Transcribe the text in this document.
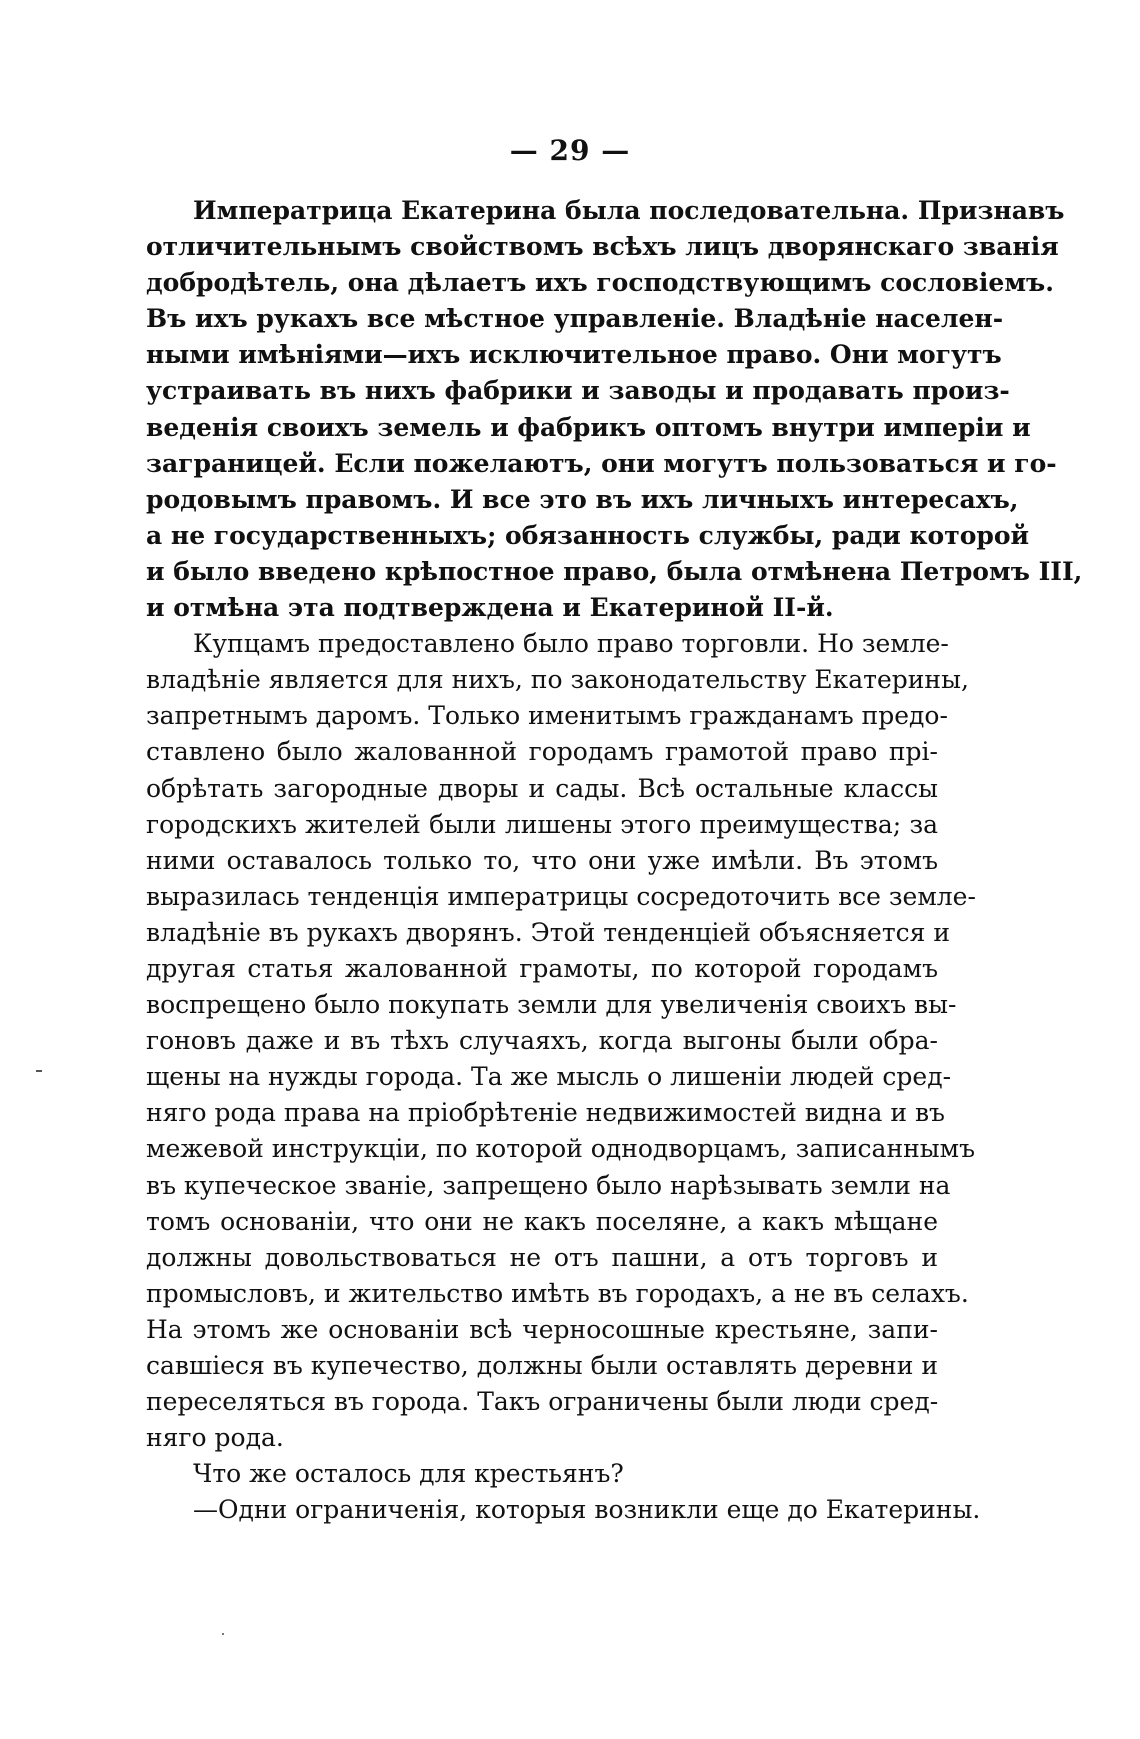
— 29 —
Императрица Екатерина была последовательна. Признавъ
отличительнымъ свойствомъ всѣхъ лицъ дворянскаго званія
добродѣтель, она дѣлаетъ ихъ господствующимъ сословіемъ.
Въ ихъ рукахъ все мѣстное управленіе. Владѣніе населен-
ными имѣніями—ихъ исключительное право. Они могутъ
устраивать въ нихъ фабрики и заводы и продавать произ-
веденія своихъ земель и фабрикъ оптомъ внутри имперіи и
заграницей. Если пожелаютъ, они могутъ пользоваться и го-
родовымъ правомъ. И все это въ ихъ личныхъ интересахъ,
а не государственныхъ; обязанность службы, ради которой
и было введено крѣпостное право, была отмѣнена Петромъ III,
и отмѣна эта подтверждена и Екатериной II-й.
Купцамъ предоставлено было право торговли. Но земле-
владѣніе является для нихъ, по законодательству Екатерины,
запретнымъ даромъ. Только именитымъ гражданамъ предо-
ставлено было жалованной городамъ грамотой право прі-
обрѣтать загородные дворы и сады. Всѣ остальные классы
городскихъ жителей были лишены этого преимущества; за
ними оставалось только то, что они уже имѣли. Въ этомъ
выразилась тенденція императрицы сосредоточить все земле-
владѣніе въ рукахъ дворянъ. Этой тенденціей объясняется и
другая статья жалованной грамоты, по которой городамъ
воспрещено было покупать земли для увеличенія своихъ вы-
гоновъ даже и въ тѣхъ случаяхъ, когда выгоны были обра-
щены на нужды города. Та же мысль о лишеніи людей сред-
няго рода права на пріобрѣтеніе недвижимостей видна и въ
межевой инструкціи, по которой однодворцамъ, записаннымъ
въ купеческое званіе, запрещено было нарѣзывать земли на
томъ основаніи, что они не какъ поселяне, а какъ мѣщане
должны довольствоваться не отъ пашни, а отъ торговъ и
промысловъ, и жительство имѣть въ городахъ, а не въ селахъ.
На этомъ же основаніи всѣ черносошные крестьяне, запи-
савшіеся въ купечество, должны были оставлять деревни и
переселяться въ города. Такъ ограничены были люди сред-
няго рода.
Что же осталось для крестьянъ?
—Одни ограниченія, которыя возникли еще до Екатерины.
